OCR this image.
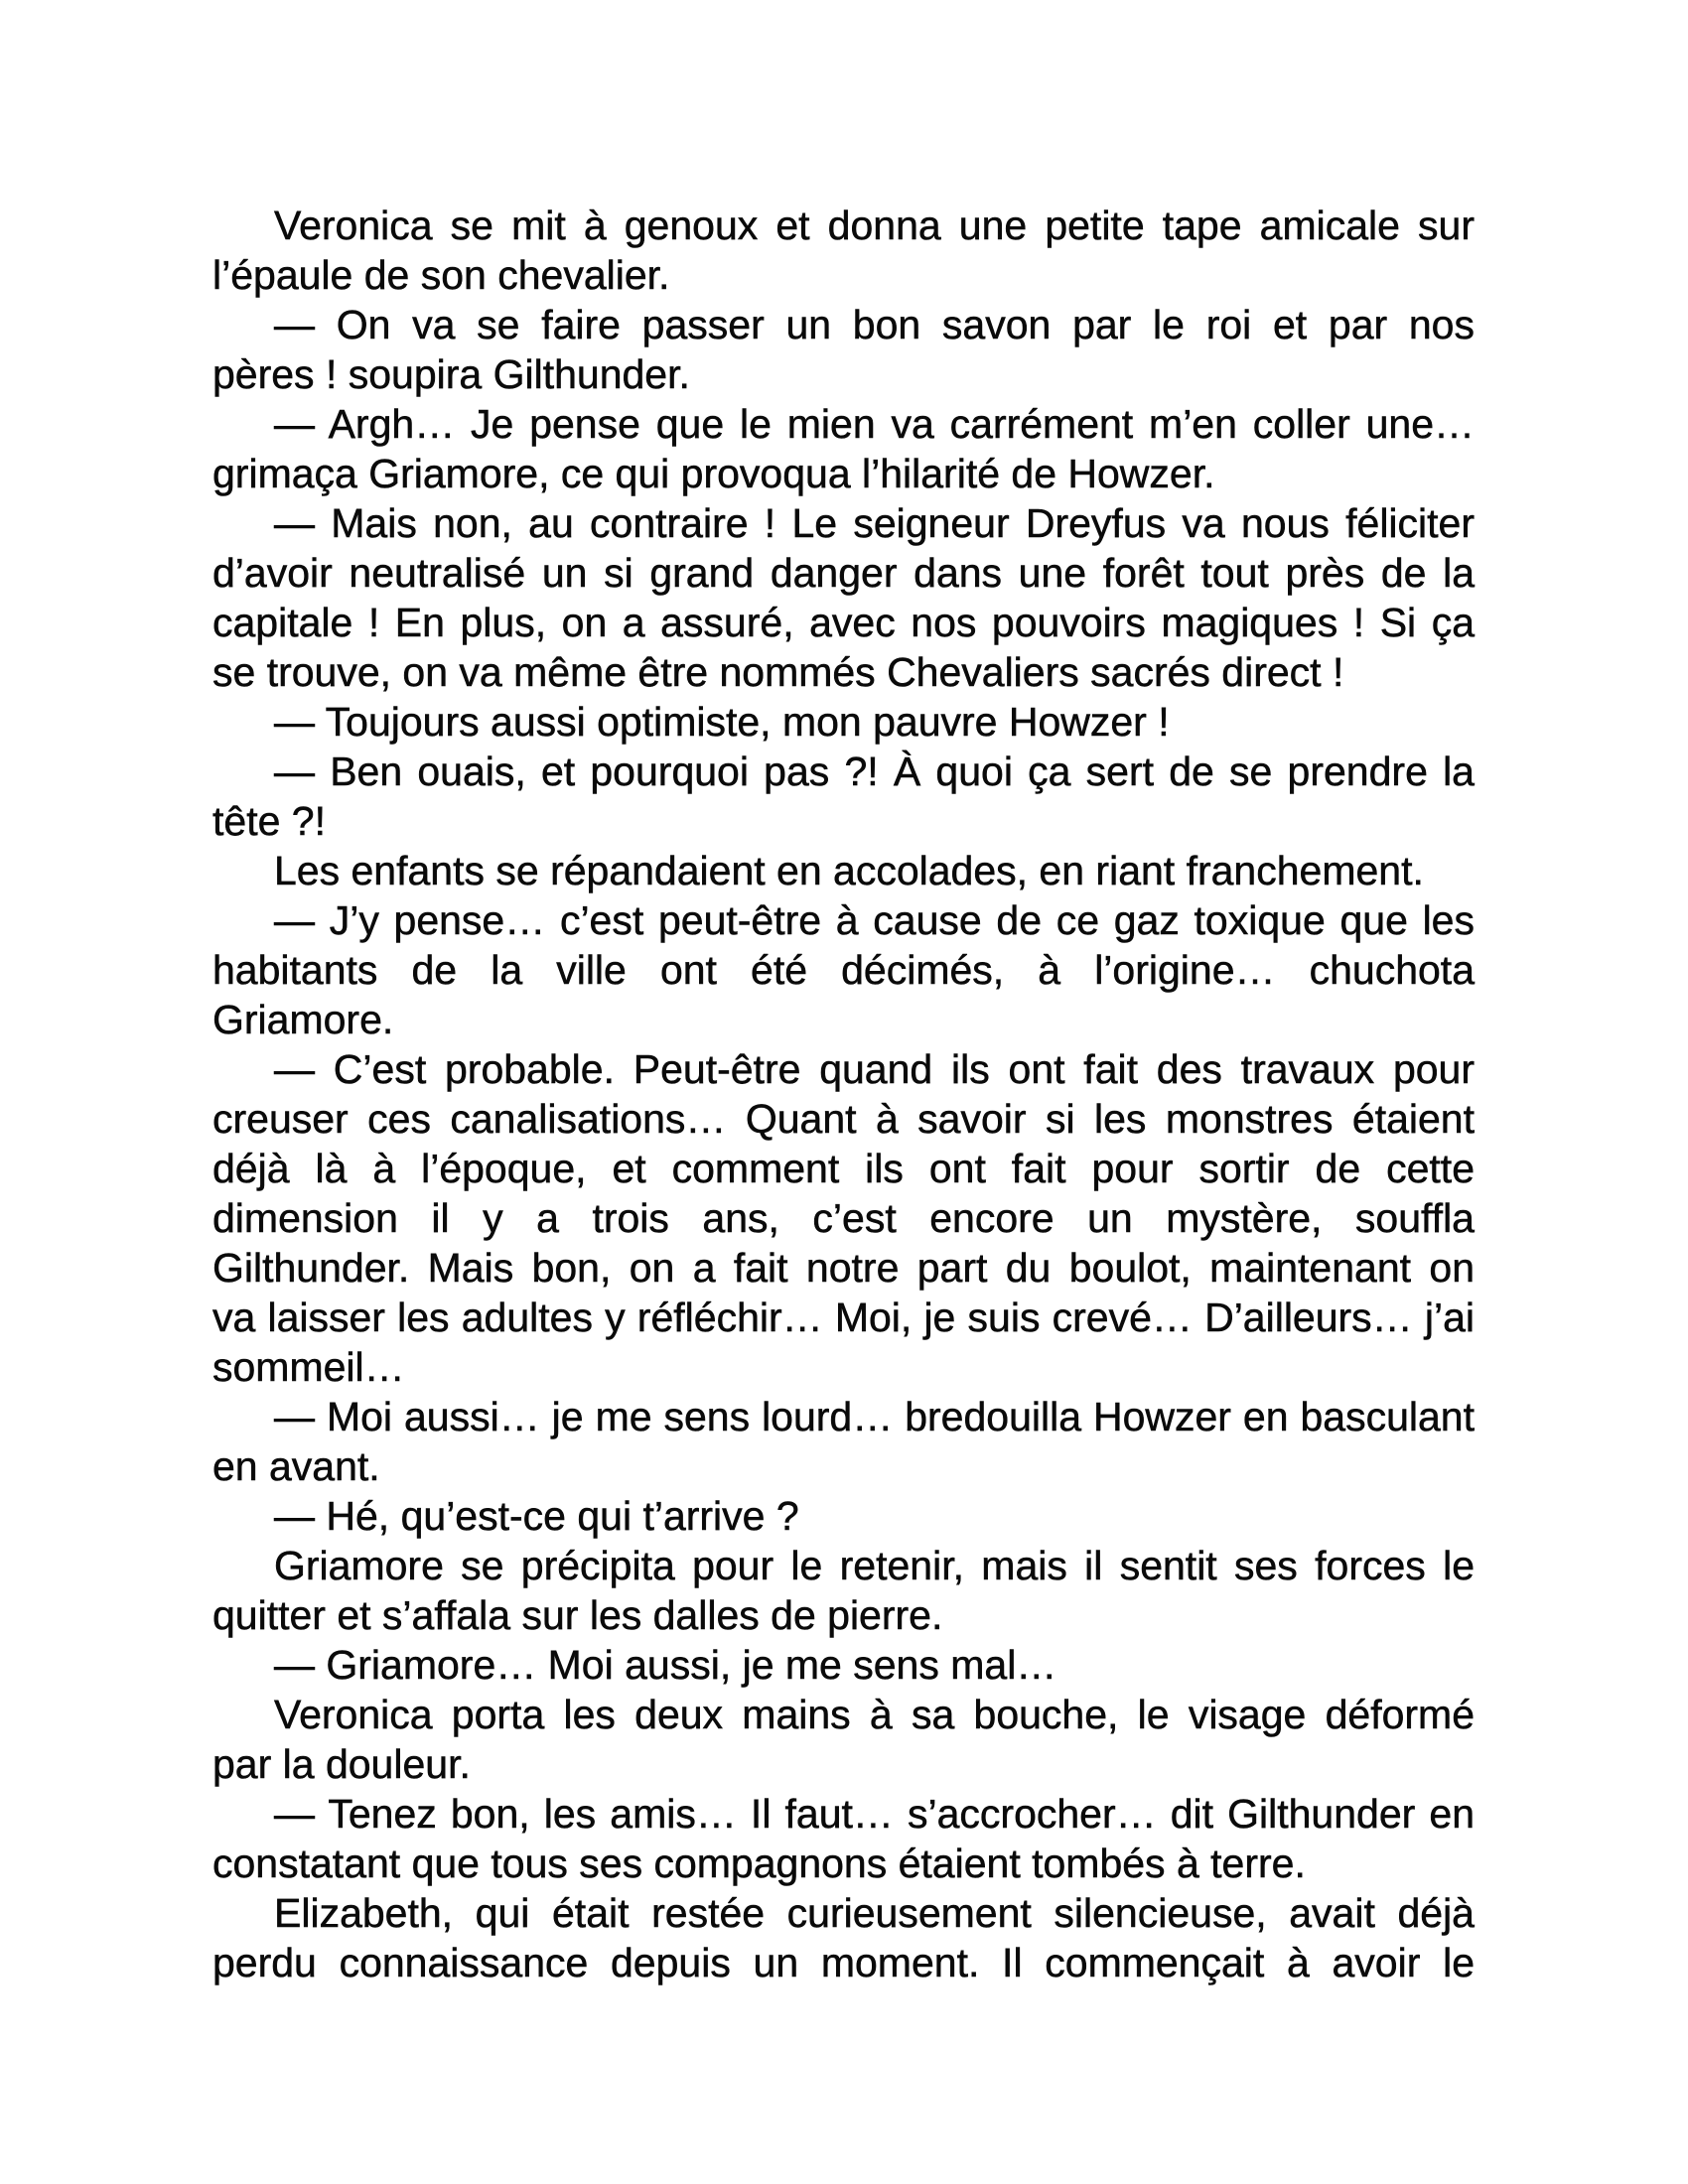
Veronica se mit à genoux et donna une petite tape amicale sur
l’épaule de son chevalier.
— On va se faire passer un bon savon par le roi et par nos
pères ! soupira Gilthunder.
— Argh… Je pense que le mien va carrément m’en coller une…
grimaça Griamore, ce qui provoqua l’hilarité de Howzer.
— Mais non, au contraire ! Le seigneur Dreyfus va nous féliciter
d’avoir neutralisé un si grand danger dans une forêt tout près de la
capitale ! En plus, on a assuré, avec nos pouvoirs magiques ! Si ça
se trouve, on va même être nommés Chevaliers sacrés direct !
— Toujours aussi optimiste, mon pauvre Howzer !
— Ben ouais, et pourquoi pas ?! À quoi ça sert de se prendre la
tête ?!
Les enfants se répandaient en accolades, en riant franchement.
— J’y pense… c’est peut-être à cause de ce gaz toxique que les
habitants de la ville ont été décimés, à l’origine… chuchota
Griamore.
— C’est probable. Peut-être quand ils ont fait des travaux pour
creuser ces canalisations… Quant à savoir si les monstres étaient
déjà là à l’époque, et comment ils ont fait pour sortir de cette
dimension il y a trois ans, c’est encore un mystère, souffla
Gilthunder. Mais bon, on a fait notre part du boulot, maintenant on
va laisser les adultes y réfléchir… Moi, je suis crevé… D’ailleurs… j’ai
sommeil…
— Moi aussi… je me sens lourd… bredouilla Howzer en basculant
en avant.
— Hé, qu’est-ce qui t’arrive ?
Griamore se précipita pour le retenir, mais il sentit ses forces le
quitter et s’affala sur les dalles de pierre.
— Griamore… Moi aussi, je me sens mal…
Veronica porta les deux mains à sa bouche, le visage déformé
par la douleur.
— Tenez bon, les amis… Il faut… s’accrocher… dit Gilthunder en
constatant que tous ses compagnons étaient tombés à terre.
Elizabeth, qui était restée curieusement silencieuse, avait déjà
perdu connaissance depuis un moment. Il commençait à avoir le
